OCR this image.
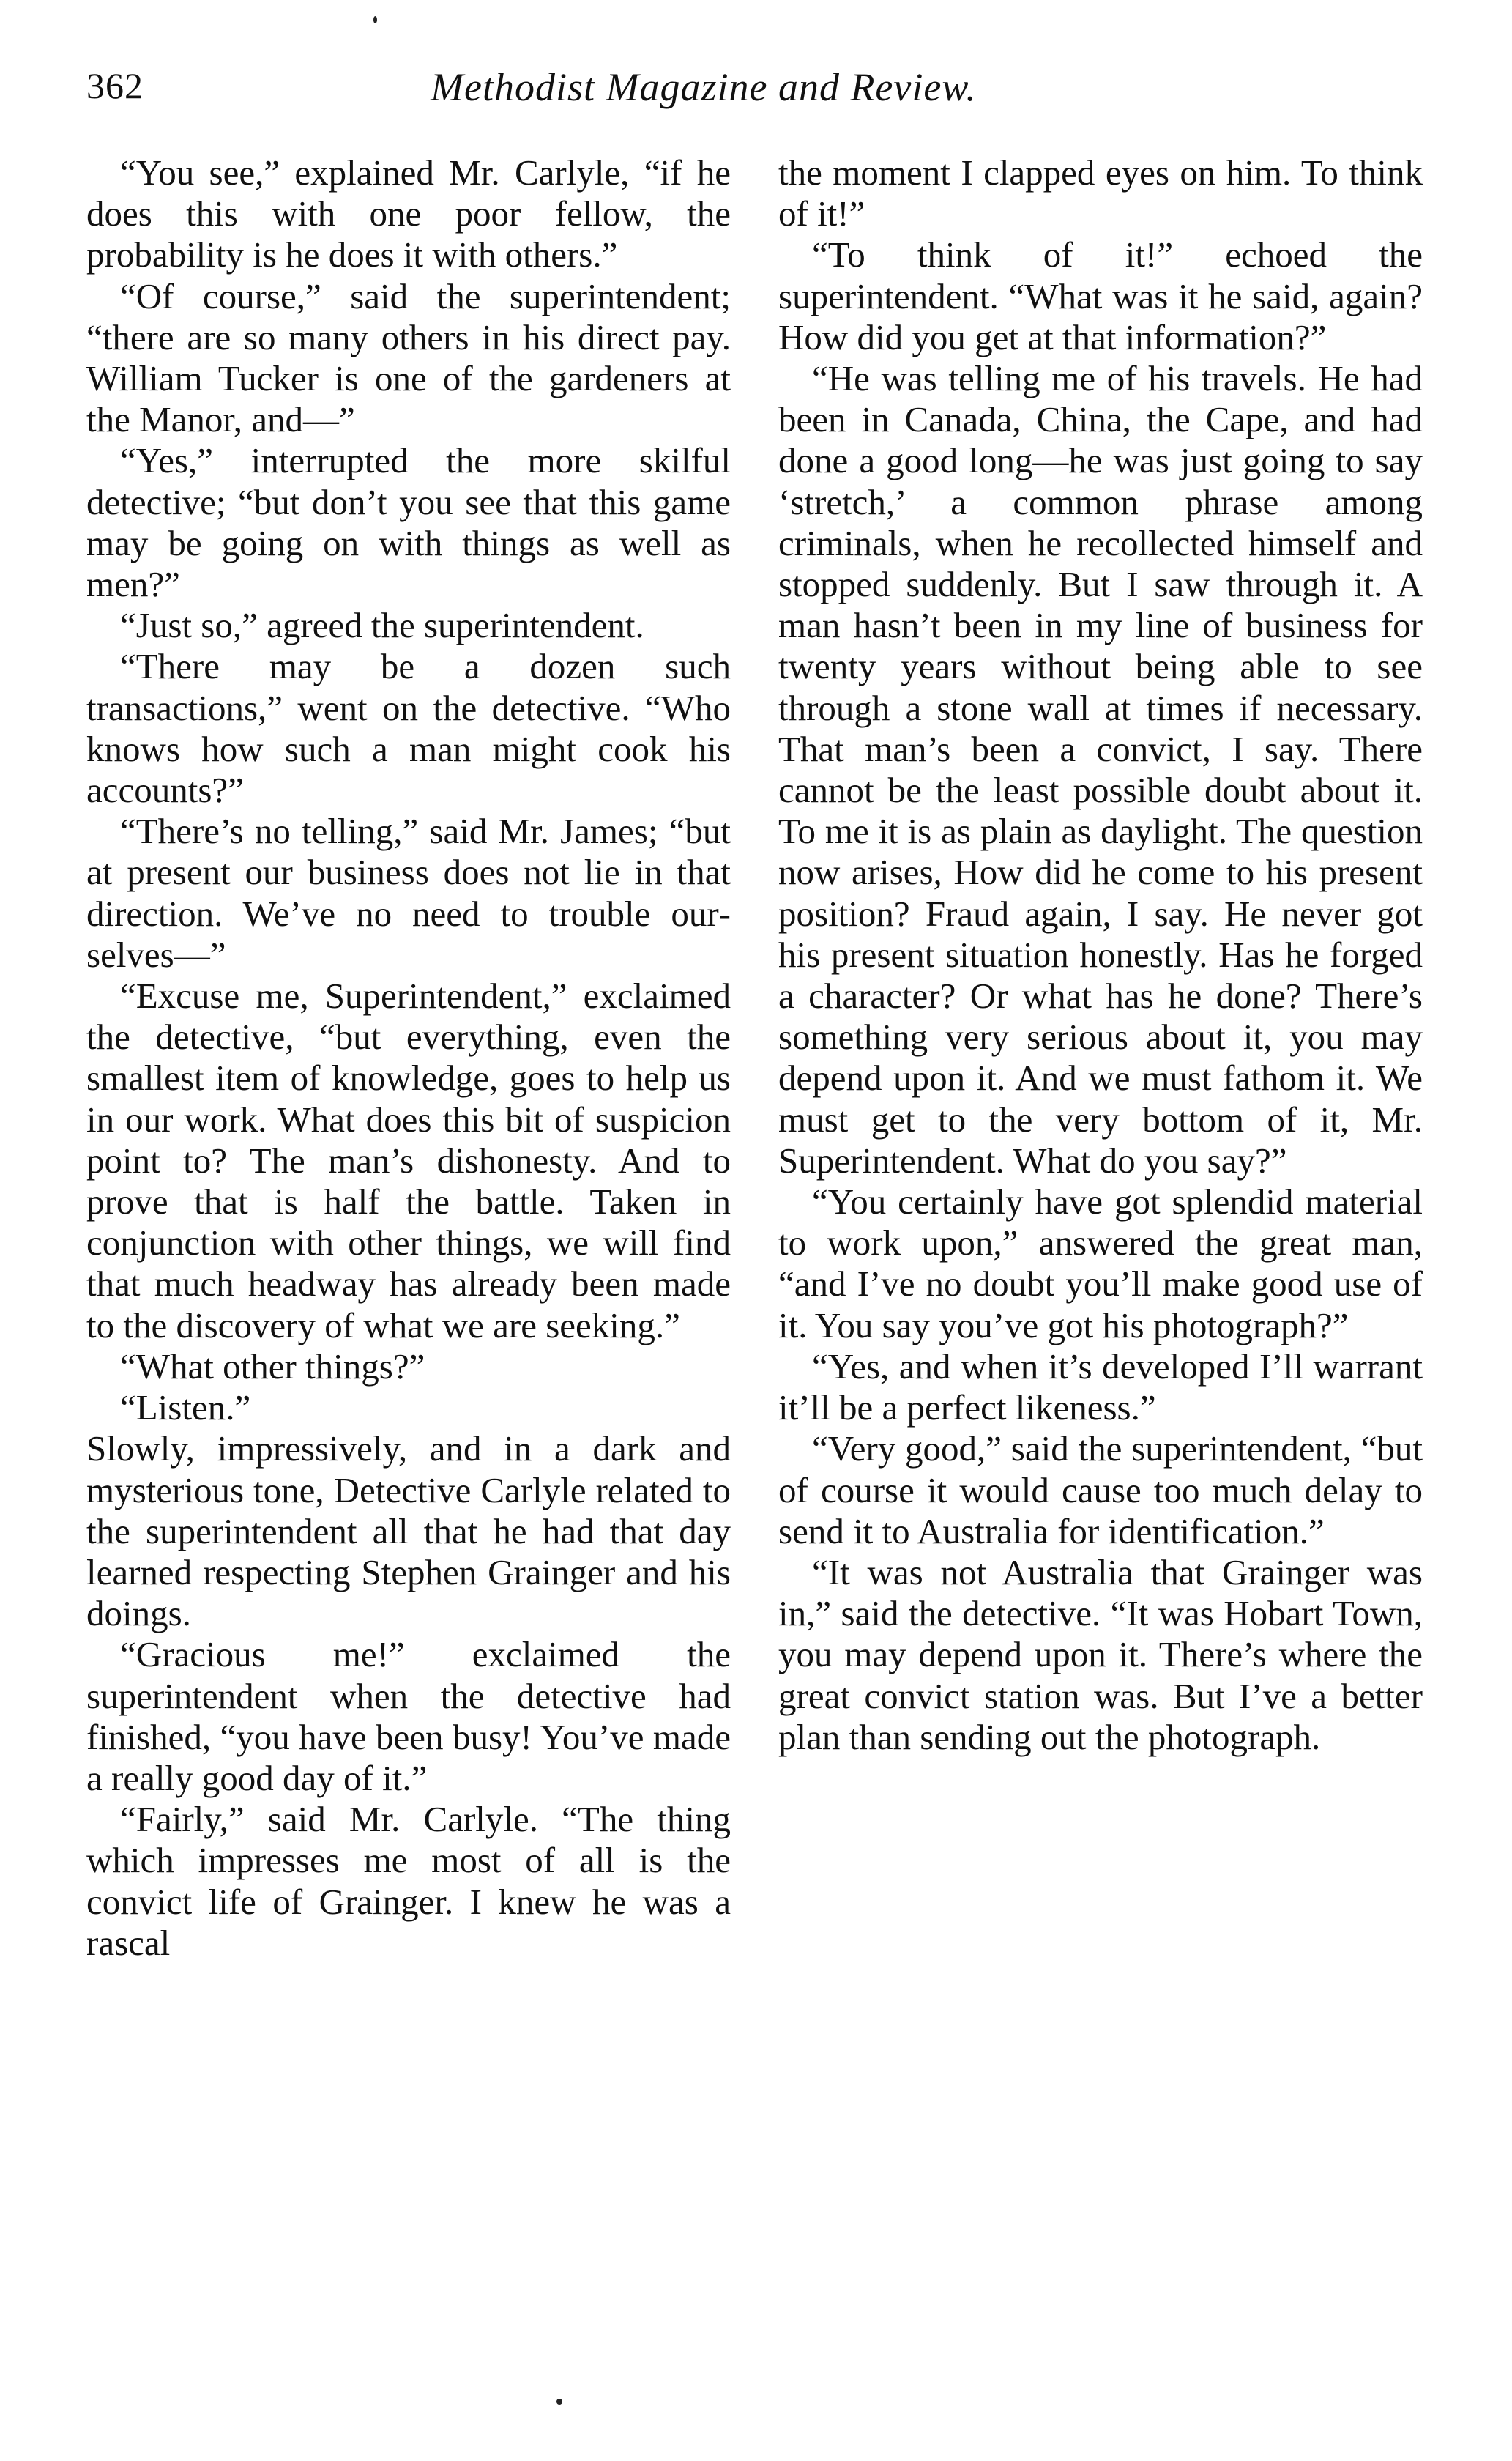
362	Methodist Magazine and Review.

“You see,” explained Mr. Carlyle, “if he does this with one poor fellow, the probability is he does it with others.”

“Of course,” said the superintendent; “there are so many others in his direct pay. William Tucker is one of the gardeners at the Manor, and—”

“Yes,” interrupted the more skilful detective; “but don’t you see that this game may be going on with things as well as men?”

“Just so,” agreed the superintendent.

“There may be a dozen such transactions,” went on the detective. “Who knows how such a man might cook his accounts?”

“There’s no telling,” said Mr. James; “but at present our business does not lie in that direction. We’ve no need to trouble ourselves—”

“Excuse me, Superintendent,” exclaimed the detective, “but everything, even the smallest item of knowledge, goes to help us in our work. What does this bit of suspicion point to? The man’s dishonesty. And to prove that is half the battle. Taken in conjunction with other things, we will find that much headway has already been made to the discovery of what we are seeking.”

“What other things?”

“Listen.”

Slowly, impressively, and in a dark and mysterious tone, Detective Carlyle related to the superintendent all that he had that day learned respecting Stephen Grainger and his doings.

“Gracious me!” exclaimed the superintendent when the detective had finished, “you have been busy! You’ve made a really good day of it.”

“Fairly,” said Mr. Carlyle. “The thing which impresses me most of all is the convict life of Grainger. I knew he was a rascal

the moment I clapped eyes on him. To think of it!”

“To think of it!” echoed the superintendent. “What was it he said, again? How did you get at that information?”

“He was telling me of his travels. He had been in Canada, China, the Cape, and had done a good long—he was just going to say ‘stretch,’ a common phrase among criminals, when he recollected himself and stopped suddenly. But I saw through it. A man hasn’t been in my line of business for twenty years without being able to see through a stone wall at times if necessary. That man’s been a convict, I say. There cannot be the least possible doubt about it. To me it is as plain as daylight. The question now arises, How did he come to his present position? Fraud again, I say. He never got his present situation honestly. Has he forged a character? Or what has he done? There’s something very serious about it, you may depend upon it. And we must fathom it. We must get to the very bottom of it, Mr. Superintendent. What do you say?”

“You certainly have got splendid material to work upon,” answered the great man, “and I’ve no doubt you’ll make good use of it. You say you’ve got his photograph?”

“Yes, and when it’s developed I’ll warrant it’ll be a perfect likeness.”

“Very good,” said the superintendent, “but of course it would cause too much delay to send it to Australia for identification.”

“It was not Australia that Grainger was in,” said the detective. “It was Hobart Town, you may depend upon it. There’s where the great convict station was. But I’ve a better plan than sending out the photograph.
